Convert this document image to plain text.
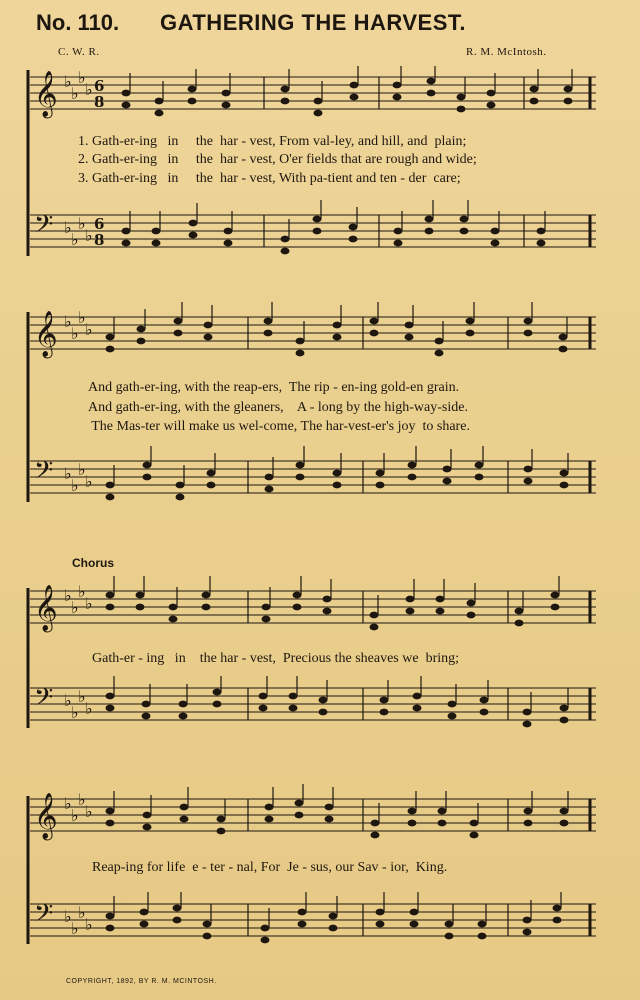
No. 110. GATHERING THE HARVEST.
C. W. R.	R. M. McIntosh.
𝄞 ♭
♭
♭
♭ 6
8
1. Gath-er-ing   in     the  har - vest, From val-ley, and hill, and  plain;
2. Gath-er-ing   in     the  har - vest, O'er fields that are rough and wide;
3. Gath-er-ing   in     the  har - vest, With pa-tient and ten - der  care;
𝄢 ♭
♭
♭
♭
6
8
𝄞 ♭
♭
♭
♭
And gath-er-ing, with the reap-ers,  The rip - en-ing gold-en grain.
And gath-er-ing, with the gleaners,    A - long by the high-way-side.
The Mas-ter will make us wel-come, The har-vest-er's joy  to share.
𝄢 ♭
♭
♭
♭
Chorus
𝄞 ♭
♭
♭
♭
Gath-er - ing   in    the har - vest,  Precious the sheaves we  bring;
𝄢 ♭
♭
♭
♭
𝄞 ♭
♭
♭
♭
Reap-ing for life  e - ter - nal, For  Je - sus, our Sav - ior,  King.
𝄢 ♭
♭
♭
♭
COPYRIGHT, 1892, BY R. M. MCINTOSH.
